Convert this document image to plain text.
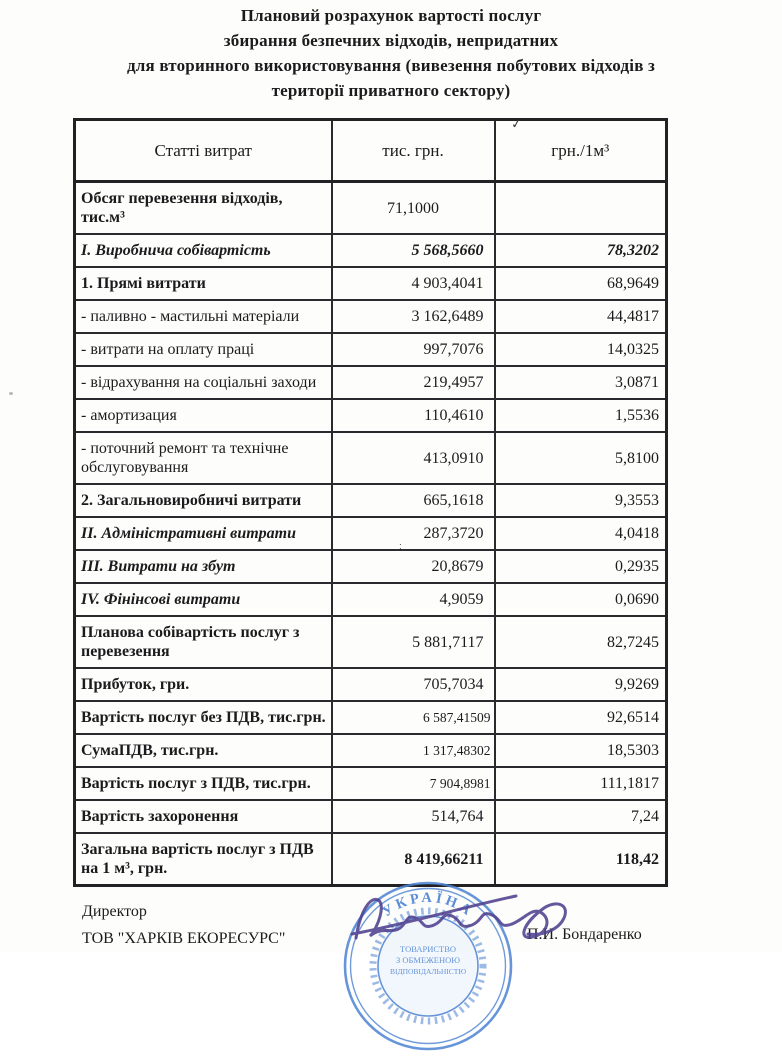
Плановий розрахунок вартості послуг
збирання безпечних відходів, непридатних
для вторинного використовування (вивезення побутових відходів з
території приватного сектору)
Статті витрат	тис. грн.	грн./1м³
Обсяг перевезення відходів, тис.м³	71,1000	
I. Виробнича собівартість	5 568,5660	78,3202
1. Прямі витрати	4 903,4041	68,9649
- паливно - мастильні матеріали	3 162,6489	44,4817
- витрати на оплату праці	997,7076	14,0325
- відрахування на соціальні заходи	219,4957	3,0871
- амортизация	110,4610	1,5536
- поточний ремонт та технічне обслуговування	413,0910	5,8100
2. Загальновиробничі витрати	665,1618	9,3553
II. Адміністративні витрати	287,3720	4,0418
III. Витрати на збут	20,8679	0,2935
IV. Фінінсові витрати	4,9059	0,0690
Планова собівартість послуг з перевезення	5 881,7117	82,7245
Прибуток, гри.	705,7034	9,9269
Вартість послуг без ПДВ, тис.грн.	6 587,41509	92,6514
СумаПДВ, тис.грн.	1 317,48302	18,5303
Вартість послуг з ПДВ, тис.грн.	7 904,8981	111,1817
Вартість захоронення	514,764	7,24
Загальна вартість послуг з ПДВ на 1 м³, грн.	8 419,66211	118,42
Директор
ТОВ "ХАРКІВ ЕКОРЕСУРС"	П.И. Бондаренко
УКРАЇНА
ТОВАРИСТВО
З ОБМЕЖЕНОЮ
ВІДПОВІДАЛЬНІСТЮ
✓
ː
